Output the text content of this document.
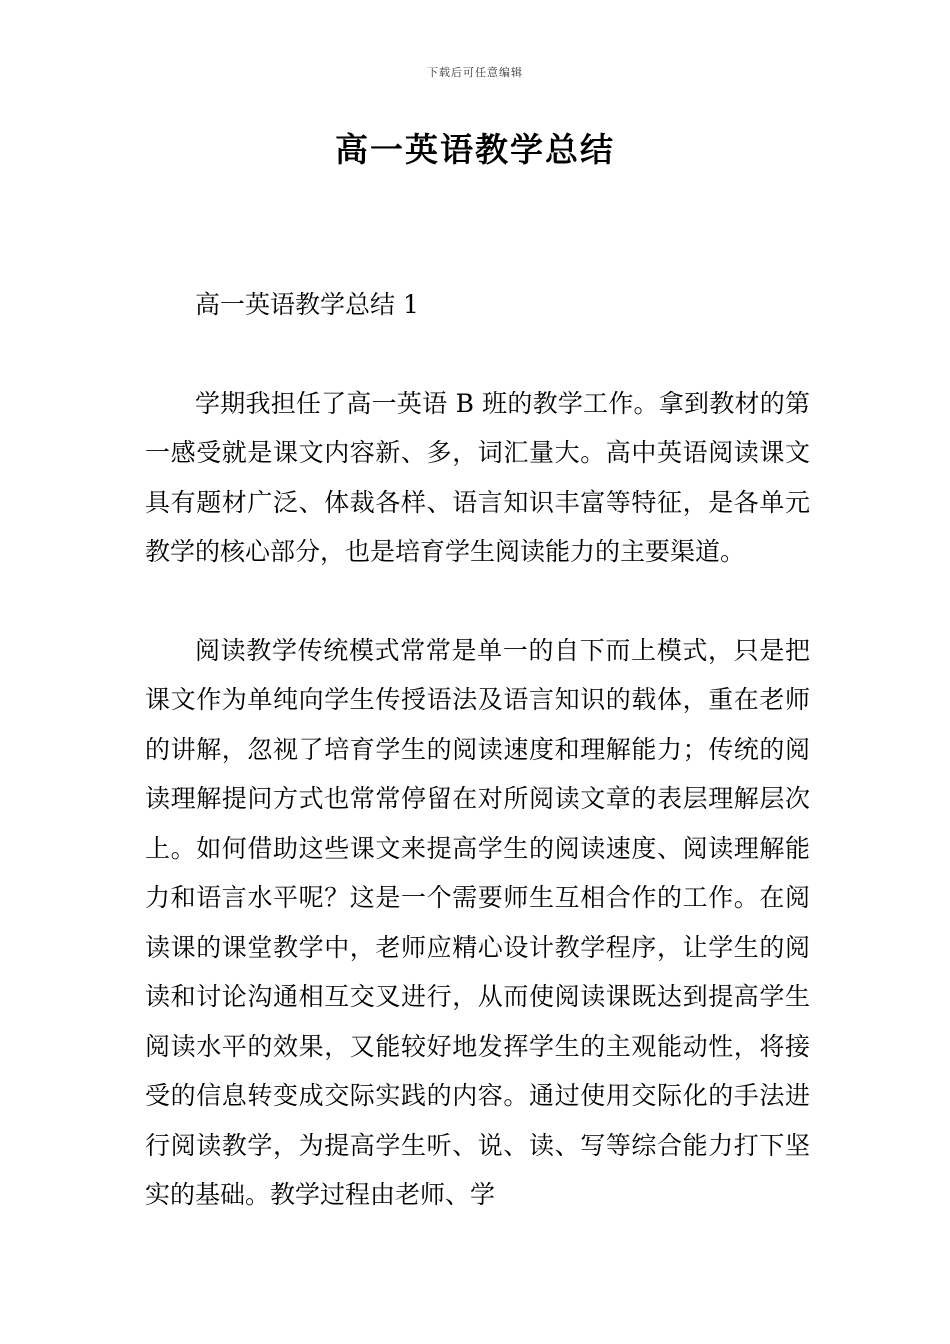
下载后可任意编辑
高一英语教学总结

高一英语教学总结 1

学期我担任了高一英语 B 班的教学工作。拿到教材的第一感受就是课文内容新、多，词汇量大。高中英语阅读课文具有题材广泛、体裁各样、语言知识丰富等特征，是各单元教学的核心部分，也是培育学生阅读能力的主要渠道。

阅读教学传统模式常常是单一的自下而上模式，只是把课文作为单纯向学生传授语法及语言知识的载体，重在老师的讲解，忽视了培育学生的阅读速度和理解能力；传统的阅读理解提问方式也常常停留在对所阅读文章的表层理解层次上。如何借助这些课文来提高学生的阅读速度、阅读理解能力和语言水平呢？这是一个需要师生互相合作的工作。在阅读课的课堂教学中，老师应精心设计教学程序，让学生的阅读和讨论沟通相互交叉进行，从而使阅读课既达到提高学生阅读水平的效果，又能较好地发挥学生的主观能动性，将接受的信息转变成交际实践的内容。通过使用交际化的手法进行阅读教学，为提高学生听、说、读、写等综合能力打下坚实的基础。教学过程由老师、学
